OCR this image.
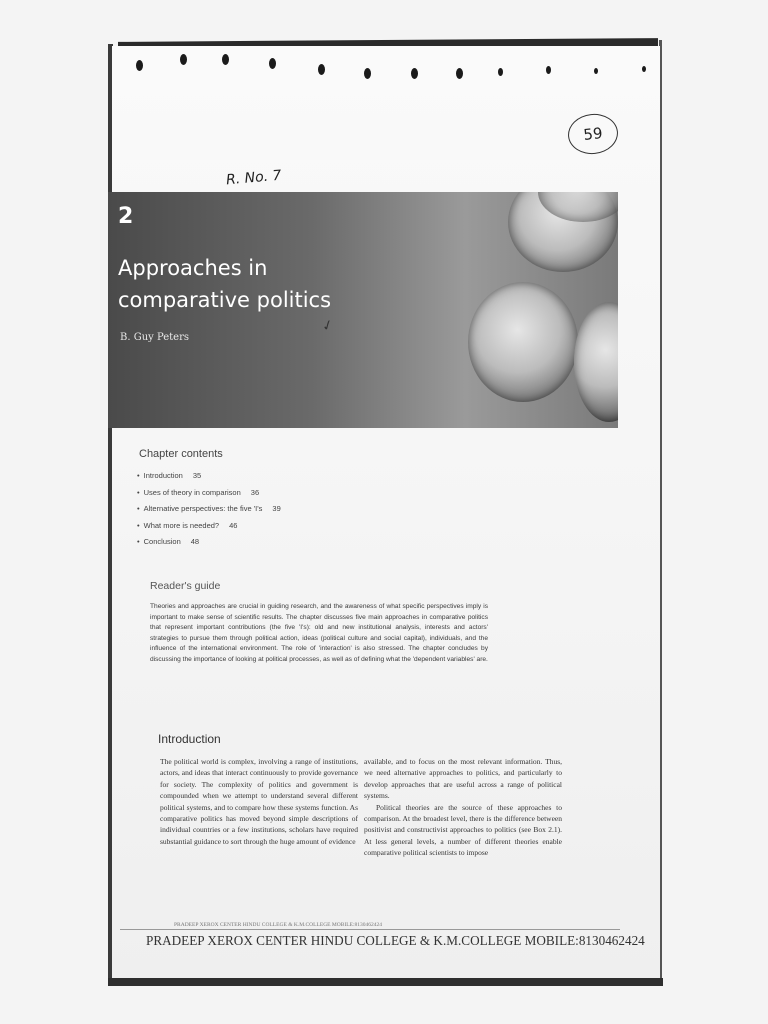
59
R. No. 7
2
Approaches in comparative politics
B. Guy Peters
✓
Chapter contents
• Introduction 35
• Uses of theory in comparison 36
• Alternative perspectives: the five 'I's 39
• What more is needed? 46
• Conclusion 48
Reader's guide

Theories and approaches are crucial in guiding research, and the awareness of what specific perspectives imply is important to make sense of scientific results. The chapter discusses five main approaches in comparative politics that represent important contributions (the five 'I's): old and new institutional analysis, interests and actors' strategies to pursue them through political action, ideas (political culture and social capital), individuals, and the influence of the international environment. The role of 'interaction' is also stressed. The chapter concludes by discussing the importance of looking at political processes, as well as of defining what the 'dependent variables' are.

Introduction

The political world is complex, involving a range of institutions, actors, and ideas that interact continuously to provide governance for society. The complexity of politics and government is compounded when we attempt to understand several different political systems, and to compare how these systems function. As comparative politics has moved beyond simple descriptions of individual countries or a few institutions, scholars have required substantial guidance to sort through the huge amount of evidence

available, and to focus on the most relevant information. Thus, we need alternative approaches to politics, and particularly to develop approaches that are useful across a range of political systems.

Political theories are the source of these approaches to comparison. At the broadest level, there is the difference between positivist and constructivist approaches to politics (see Box 2.1). At less general levels, a number of different theories enable comparative political scientists to impose

PRADEEP XEROX CENTER HINDU COLLEGE & K.M.COLLEGE MOBILE:8130462424
PRADEEP XEROX CENTER HINDU COLLEGE & K.M.COLLEGE MOBILE:8130462424
